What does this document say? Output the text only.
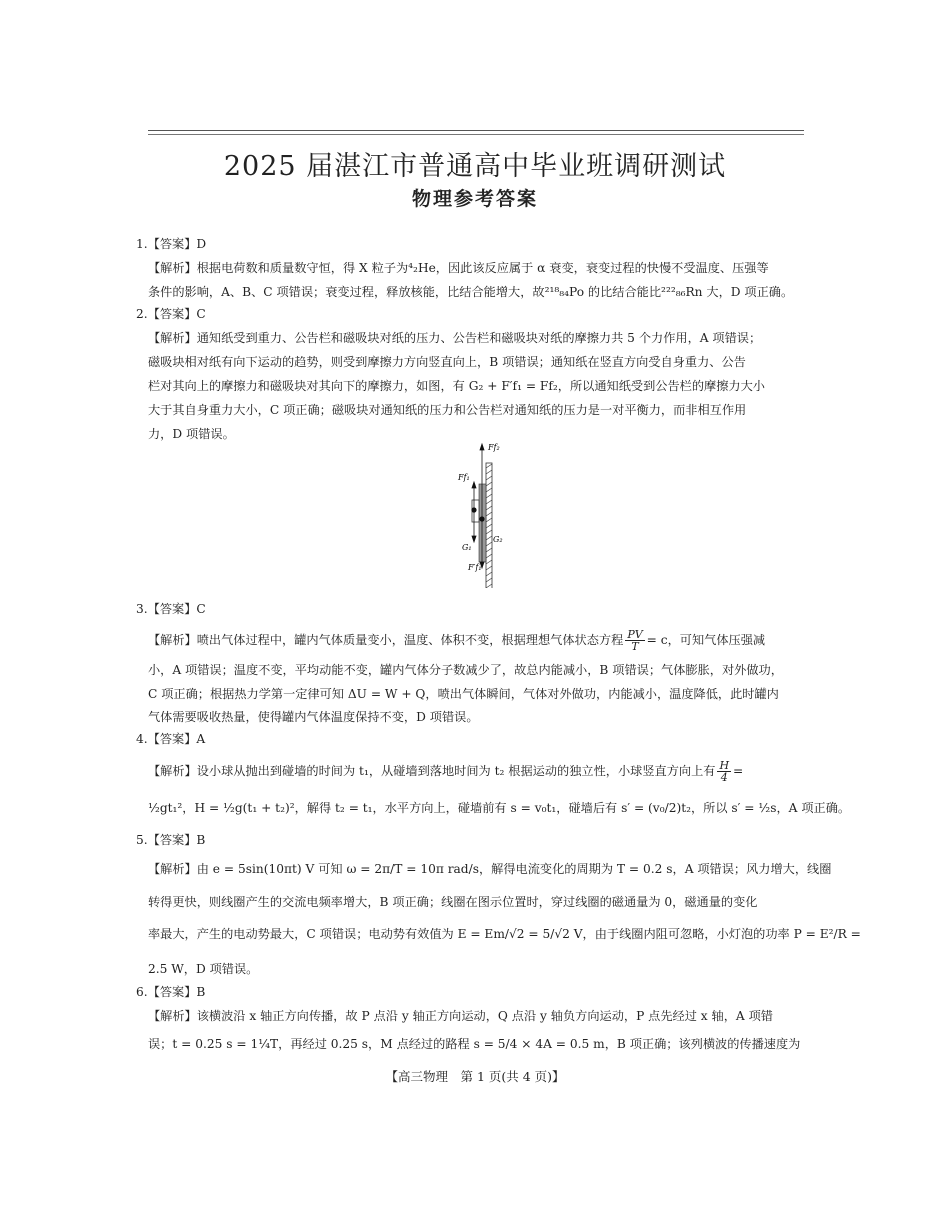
2025 届湛江市普通高中毕业班调研测试
物理参考答案
1.【答案】D
【解析】根据电荷数和质量数守恒，得 X 粒子为⁴₂He，因此该反应属于 α 衰变，衰变过程的快慢不受温度、压强等
条件的影响，A、B、C 项错误；衰变过程，释放核能，比结合能增大，故²¹⁸₈₄Po 的比结合能比²²²₈₆Rn 大，D 项正确。
2.【答案】C
【解析】通知纸受到重力、公告栏和磁吸块对纸的压力、公告栏和磁吸块对纸的摩擦力共 5 个力作用，A 项错误；
磁吸块相对纸有向下运动的趋势，则受到摩擦力方向竖直向上，B 项错误；通知纸在竖直方向受自身重力、公告
栏对其向上的摩擦力和磁吸块对其向下的摩擦力，如图，有 G₂ + F′f₁ = Ff₂，所以通知纸受到公告栏的摩擦力大小
大于其自身重力大小，C 项正确；磁吸块对通知纸的压力和公告栏对通知纸的压力是一对平衡力，而非相互作用
力，D 项错误。
Ff₂
Ff₁
G₁
G₂
F′f₁
3.【答案】C
【解析】喷出气体过程中，罐内气体质量变小，温度、体积不变，根据理想气体状态方程 $\frac{PV}{T} = c$，可知气体压强减
小，A 项错误；温度不变，平均动能不变，罐内气体分子数减少了，故总内能减小，B 项错误；气体膨胀，对外做功，
C 项正确；根据热力学第一定律可知 ΔU = W + Q，喷出气体瞬间，气体对外做功，内能减小，温度降低，此时罐内
气体需要吸收热量，使得罐内气体温度保持不变，D 项错误。
4.【答案】A
【解析】设小球从抛出到碰墙的时间为 t₁，从碰墙到落地时间为 t₂ 根据运动的独立性，小球竖直方向上有 $\frac{H}{4}$ =
½gt₁²，H = ½g(t₁ + t₂)²，解得 t₂ = t₁，水平方向上，碰墙前有 s = v₀t₁，碰墙后有 s′ = (v₀/2)t₂，所以 s′ = ½s，A 项正确。
5.【答案】B
【解析】由 e = 5sin(10πt) V 可知 ω = 2π/T = 10π rad/s，解得电流变化的周期为 T = 0.2 s，A 项错误；风力增大，线圈
转得更快，则线圈产生的交流电频率增大，B 项正确；线圈在图示位置时，穿过线圈的磁通量为 0，磁通量的变化
率最大，产生的电动势最大，C 项错误；电动势有效值为 E = Em/√2 = 5/√2 V，由于线圈内阻可忽略，小灯泡的功率 P = E²/R =
2.5 W，D 项错误。
6.【答案】B
【解析】该横波沿 x 轴正方向传播，故 P 点沿 y 轴正方向运动，Q 点沿 y 轴负方向运动，P 点先经过 x 轴，A 项错
误；t = 0.25 s = 1¼T，再经过 0.25 s，M 点经过的路程 s = 5/4 × 4A = 0.5 m，B 项正确；该列横波的传播速度为
【高三物理　第 1 页(共 4 页)】
